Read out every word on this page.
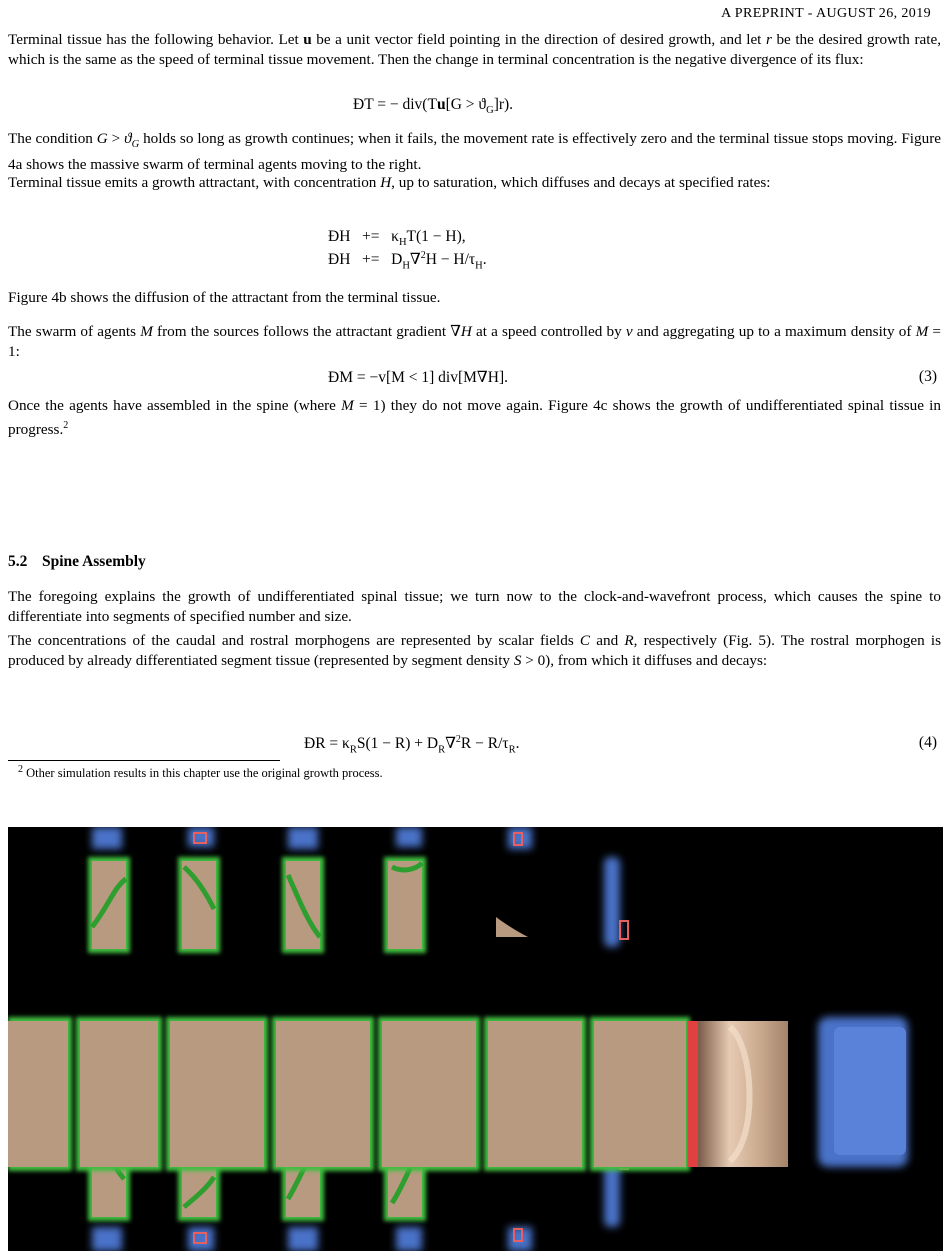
A PREPRINT - AUGUST 26, 2019
Terminal tissue has the following behavior. Let u be a unit vector field pointing in the direction of desired growth, and let r be the desired growth rate, which is the same as the speed of terminal tissue movement. Then the change in terminal concentration is the negative divergence of its flux:
ÐT = − $div(Tu[G > ϑ_G]r)$.
The condition $G > ϑ_G$ holds so long as growth continues; when it fails, the movement rate is effectively zero and the terminal tissue stops moving. Figure 4a shows the massive swarm of terminal agents moving to the right.
Terminal tissue emits a growth attractant, with concentration H, up to saturation, which diffuses and decays at specified rates:
ÐH   +=   $\kappa_HT(1 - H)$,
ÐH   +=   $D_H\nabla^2H - H/\tau_H$.
Figure 4b shows the diffusion of the attractant from the terminal tissue.
The swarm of agents M from the sources follows the attractant gradient ∇H at a speed controlled by v and aggregating up to a maximum density of M = 1:
ÐM = −v[M < 1] div[M∇H].	(3)
Once the agents have assembled in the spine (where M = 1) they do not move again. Figure 4c shows the growth of undifferentiated spinal tissue in progress.$^2$
5.2 Spine Assembly
The foregoing explains the growth of undifferentiated spinal tissue; we turn now to the clock-and-wavefront process, which causes the spine to differentiate into segments of specified number and size.
The concentrations of the caudal and rostral morphogens are represented by scalar fields C and R, respectively (Fig. 5). The rostral morphogen is produced by already differentiated segment tissue (represented by segment density S > 0), from which it diffuses and decays:
ÐR = $\kappa_RS(1 - R) + D_R\nabla^2R - R/\tau_R$.	(4)
$^2$ Other simulation results in this chapter use the original growth process.
